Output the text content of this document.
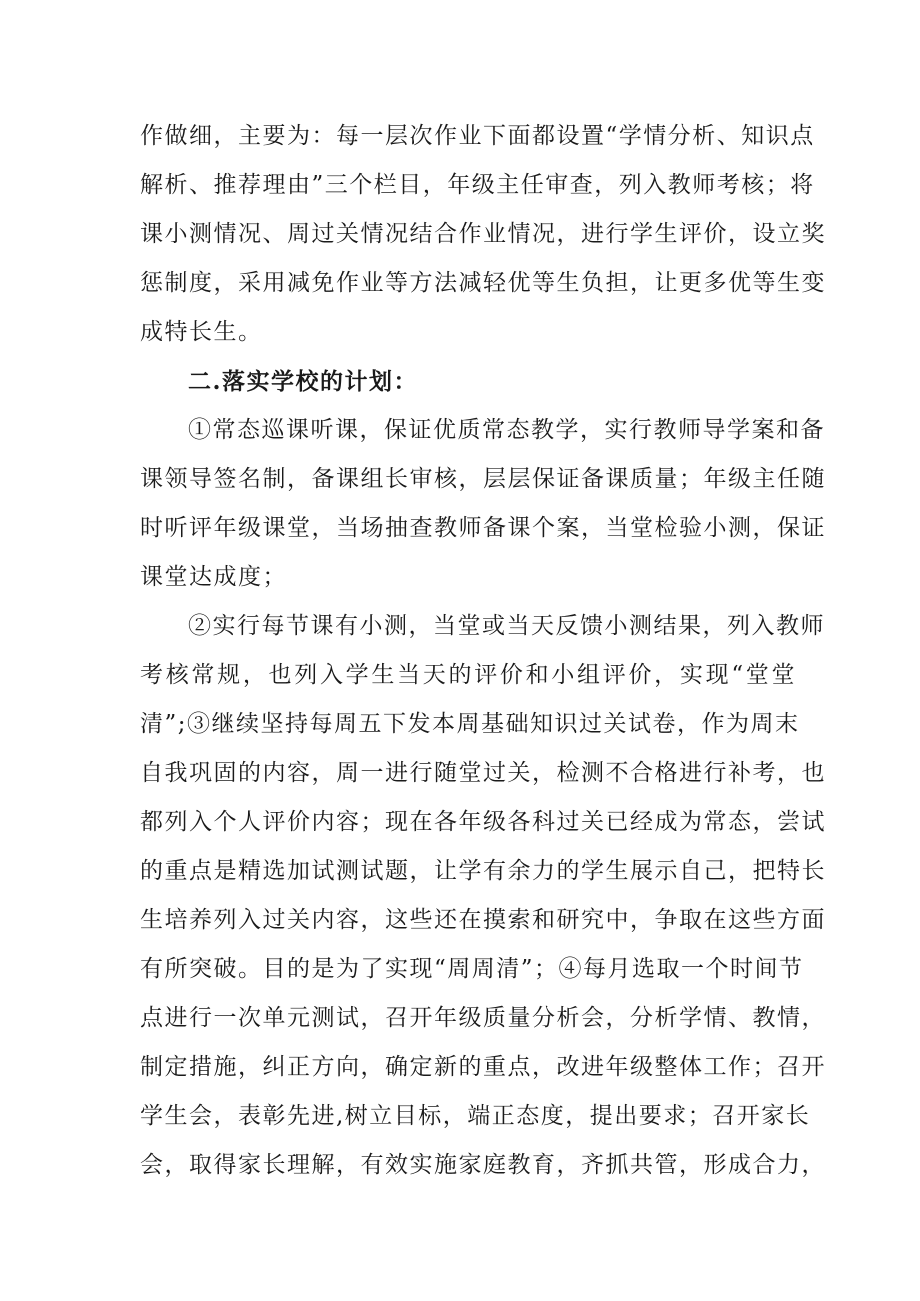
作做细，主要为：每一层次作业下面都设置“学情分析、知识点
解析、推荐理由”三个栏目，年级主任审查，列入教师考核；将
课小测情况、周过关情况结合作业情况，进行学生评价，设立奖
惩制度，采用减免作业等方法减轻优等生负担，让更多优等生变
成特长生。
二.落实学校的计划：
①常态巡课听课，保证优质常态教学，实行教师导学案和备
课领导签名制，备课组长审核，层层保证备课质量；年级主任随
时听评年级课堂，当场抽查教师备课个案，当堂检验小测，保证
课堂达成度；
②实行每节课有小测，当堂或当天反馈小测结果，列入教师
考核常规，也列入学生当天的评价和小组评价，实现“堂堂
清”;③继续坚持每周五下发本周基础知识过关试卷，作为周末
自我巩固的内容，周一进行随堂过关，检测不合格进行补考，也
都列入个人评价内容；现在各年级各科过关已经成为常态，尝试
的重点是精选加试测试题，让学有余力的学生展示自己，把特长
生培养列入过关内容，这些还在摸索和研究中，争取在这些方面
有所突破。目的是为了实现“周周清”；④每月选取一个时间节
点进行一次单元测试，召开年级质量分析会，分析学情、教情，
制定措施，纠正方向，确定新的重点，改进年级整体工作；召开
学生会，表彰先进,树立目标，端正态度，提出要求；召开家长
会，取得家长理解，有效实施家庭教育，齐抓共管，形成合力，
